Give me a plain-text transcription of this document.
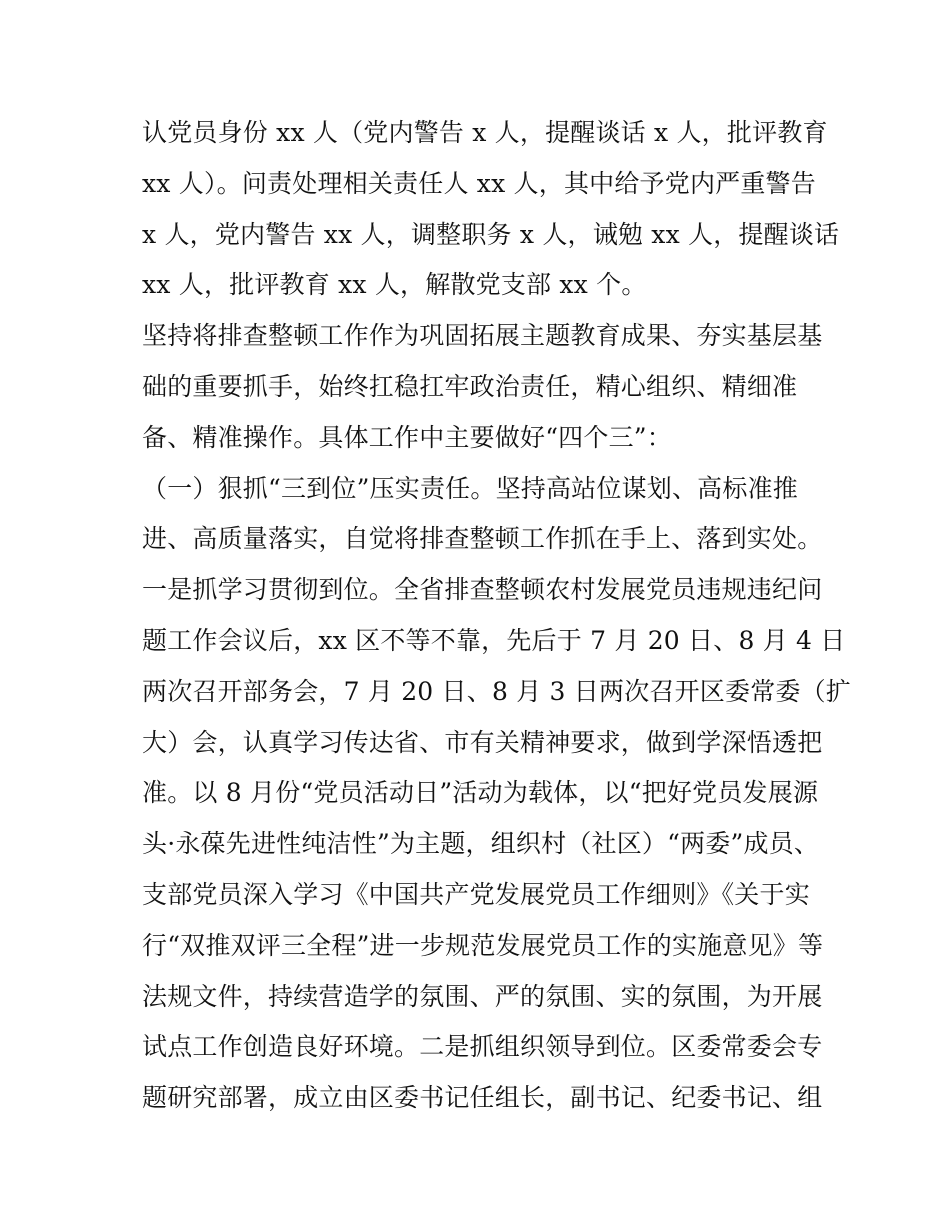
认党员身份 xx 人（党内警告 x 人，提醒谈话 x 人，批评教育
xx 人）。问责处理相关责任人 xx 人，其中给予党内严重警告
x 人，党内警告 xx 人，调整职务 x 人，诫勉 xx 人，提醒谈话
xx 人，批评教育 xx 人，解散党支部 xx 个。
坚持将排查整顿工作作为巩固拓展主题教育成果、夯实基层基
础的重要抓手，始终扛稳扛牢政治责任，精心组织、精细准
备、精准操作。具体工作中主要做好“四个三”：
（一）狠抓“三到位”压实责任。坚持高站位谋划、高标准推
进、高质量落实，自觉将排查整顿工作抓在手上、落到实处。
一是抓学习贯彻到位。全省排查整顿农村发展党员违规违纪问
题工作会议后，xx 区不等不靠，先后于 7 月 20 日、8 月 4 日
两次召开部务会，7 月 20 日、8 月 3 日两次召开区委常委（扩
大）会，认真学习传达省、市有关精神要求，做到学深悟透把
准。以 8 月份“党员活动日”活动为载体，以“把好党员发展源
头·永葆先进性纯洁性”为主题，组织村（社区）“两委”成员、
支部党员深入学习《中国共产党发展党员工作细则》《关于实
行“双推双评三全程”进一步规范发展党员工作的实施意见》等
法规文件，持续营造学的氛围、严的氛围、实的氛围，为开展
试点工作创造良好环境。二是抓组织领导到位。区委常委会专
题研究部署，成立由区委书记任组长，副书记、纪委书记、组
